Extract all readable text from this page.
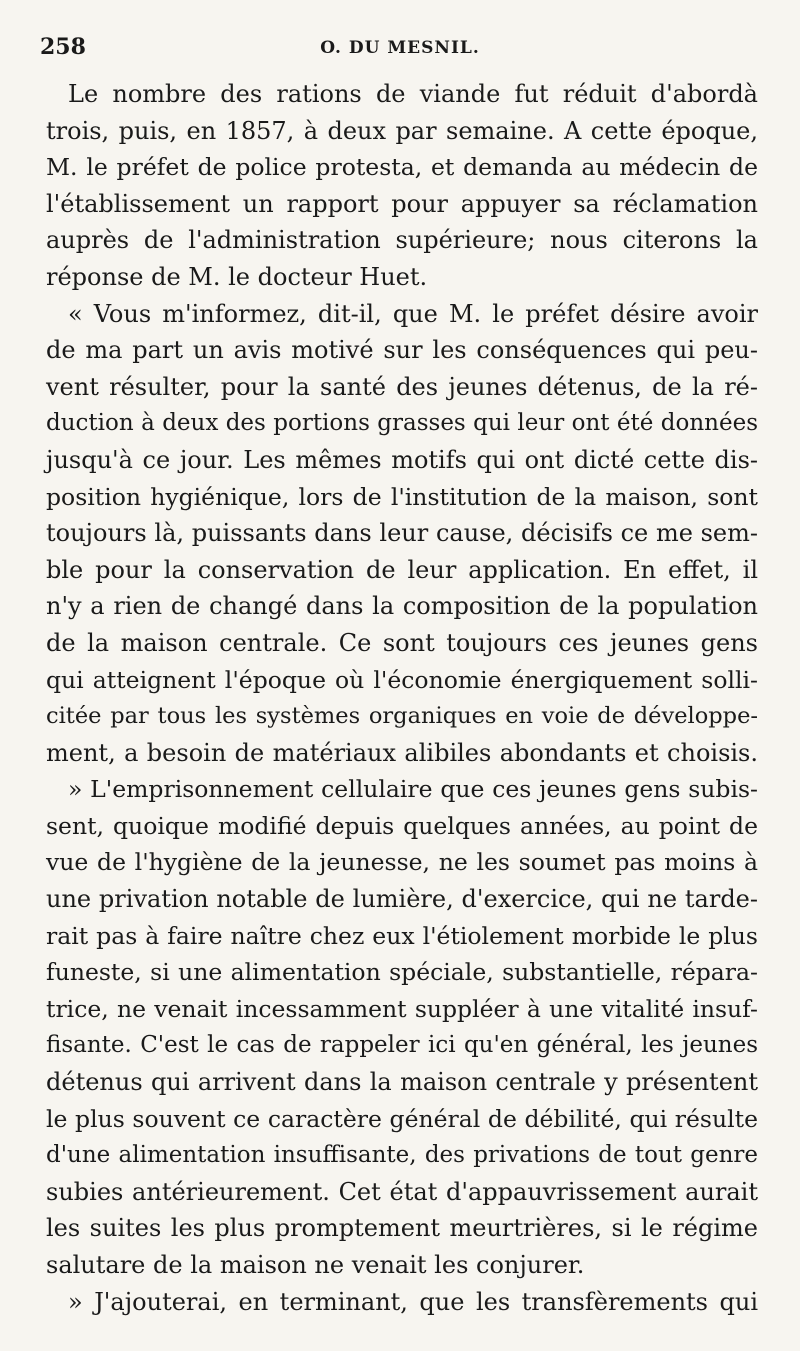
258	O. DU MESNIL.
Le nombre des rations de viande fut réduit d'abordà
trois, puis, en 1857, à deux par semaine. A cette époque,
M. le préfet de police protesta, et demanda au médecin de
l'établissement un rapport pour appuyer sa réclamation
auprès de l'administration supérieure; nous citerons la
réponse de M. le docteur Huet.
« Vous m'informez, dit-il, que M. le préfet désire avoir
de ma part un avis motivé sur les conséquences qui peu-
vent résulter, pour la santé des jeunes détenus, de la ré-
duction à deux des portions grasses qui leur ont été données
jusqu'à ce jour. Les mêmes motifs qui ont dicté cette dis-
position hygiénique, lors de l'institution de la maison, sont
toujours là, puissants dans leur cause, décisifs ce me sem-
ble pour la conservation de leur application. En effet, il
n'y a rien de changé dans la composition de la population
de la maison centrale. Ce sont toujours ces jeunes gens
qui atteignent l'époque où l'économie énergiquement solli-
citée par tous les systèmes organiques en voie de développe-
ment, a besoin de matériaux alibiles abondants et choisis.
» L'emprisonnement cellulaire que ces jeunes gens subis-
sent, quoique modifié depuis quelques années, au point de
vue de l'hygiène de la jeunesse, ne les soumet pas moins à
une privation notable de lumière, d'exercice, qui ne tarde-
rait pas à faire naître chez eux l'étiolement morbide le plus
funeste, si une alimentation spéciale, substantielle, répara-
trice, ne venait incessamment suppléer à une vitalité insuf-
fisante. C'est le cas de rappeler ici qu'en général, les jeunes
détenus qui arrivent dans la maison centrale y présentent
le plus souvent ce caractère général de débilité, qui résulte
d'une alimentation insuffisante, des privations de tout genre
subies antérieurement. Cet état d'appauvrissement aurait
les suites les plus promptement meurtrières, si le régime
salutare de la maison ne venait les conjurer.
» J'ajouterai, en terminant, que les transfèrements qui
